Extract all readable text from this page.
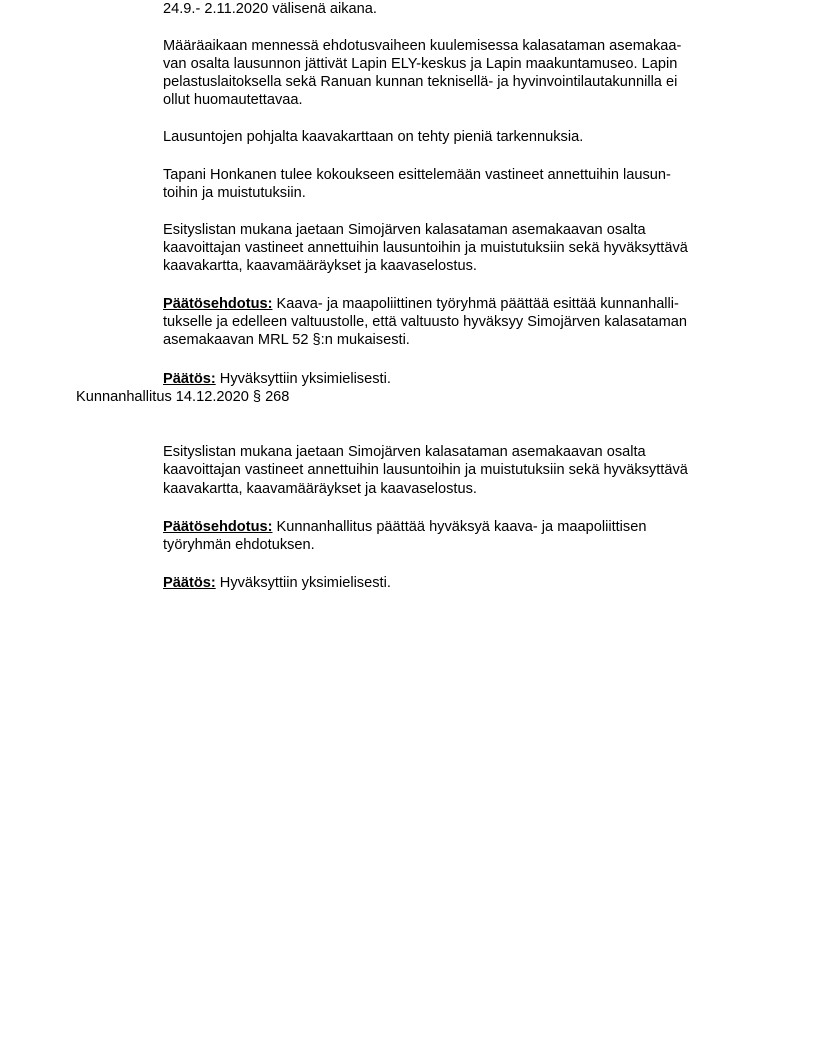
24.9.- 2.11.2020 välisenä aikana.
Määräaikaan mennessä ehdotusvaiheen kuulemisessa kalasataman asemakaa-
van osalta lausunnon jättivät Lapin ELY-keskus ja Lapin maakuntamuseo. Lapin
pelastuslaitoksella sekä Ranuan kunnan teknisellä- ja hyvinvointilautakunnilla ei
ollut huomautettavaa.
Lausuntojen pohjalta kaavakarttaan on tehty pieniä tarkennuksia.
Tapani Honkanen tulee kokoukseen esittelemään vastineet annettuihin lausun-
toihin ja muistutuksiin.
Esityslistan mukana jaetaan Simojärven kalasataman asemakaavan osalta
kaavoittajan vastineet annettuihin lausuntoihin ja muistutuksiin sekä hyväksyttävä
kaavakartta, kaavamääräykset ja kaavaselostus.
Päätösehdotus: Kaava- ja maapoliittinen työryhmä päättää esittää kunnanhalli-
tukselle ja edelleen valtuustolle, että valtuusto hyväksyy Simojärven kalasataman
asemakaavan MRL 52 §:n mukaisesti.
Päätös: Hyväksyttiin yksimielisesti.
Kunnanhallitus 14.12.2020 § 268
Esityslistan mukana jaetaan Simojärven kalasataman asemakaavan osalta
kaavoittajan vastineet annettuihin lausuntoihin ja muistutuksiin sekä hyväksyttävä
kaavakartta, kaavamääräykset ja kaavaselostus.
Päätösehdotus: Kunnanhallitus päättää hyväksyä kaava- ja maapoliittisen
työryhmän ehdotuksen.
Päätös: Hyväksyttiin yksimielisesti.
